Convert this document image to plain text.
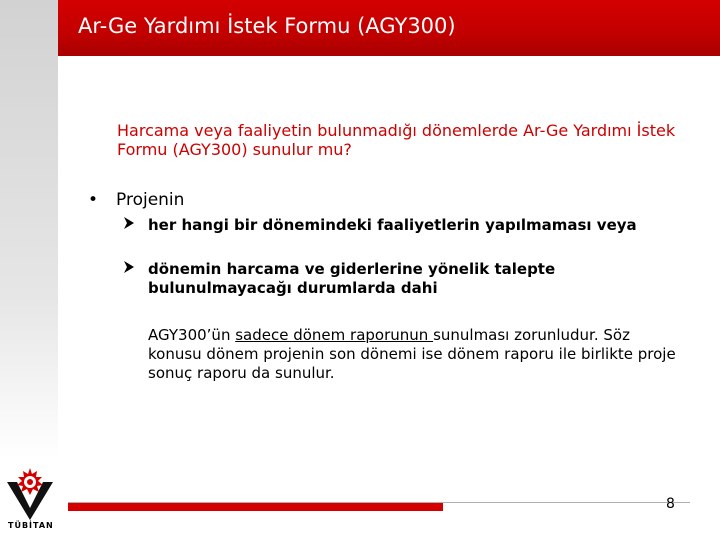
Ar-Ge Yardımı İstek Formu (AGY300)
Harcama veya faaliyetin bulunmadığı dönemlerde Ar-Ge Yardımı İstek Formu (AGY300) sunulur mu?
• Projenin
her hangi bir dönemindeki faaliyetlerin yapılmaması veya
dönemin harcama ve giderlerine yönelik talepte bulunulmayacağı durumlarda dahi
AGY300’ün sadece dönem raporunun sunulması zorunludur. Söz konusu dönem projenin son dönemi ise dönem raporu ile birlikte proje sonuç raporu da sunulur.
8
TÜBİTAN
